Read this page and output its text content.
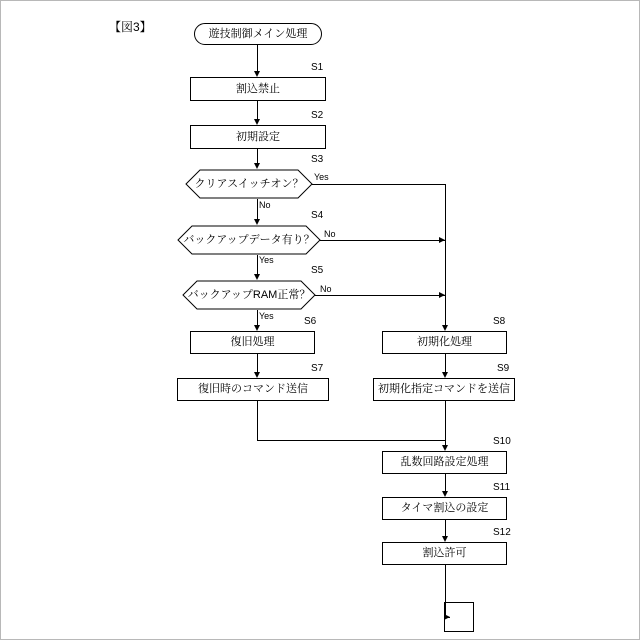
【図3】	遊技制御メイン処理
割込禁止
S1
初期設定
S2
クリアスイッチオン？
S3
バックアップデータ有り？
S4
バックアップRAM正常？
S5
復旧処理
S6
復旧時のコマンド送信
S7
初期化処理
S8
初期化指定コマンドを送信
S9
乱数回路設定処理
S10
タイマ割込の設定
S11
割込許可
S12
No
Yes
No
Yes
No
Yes
